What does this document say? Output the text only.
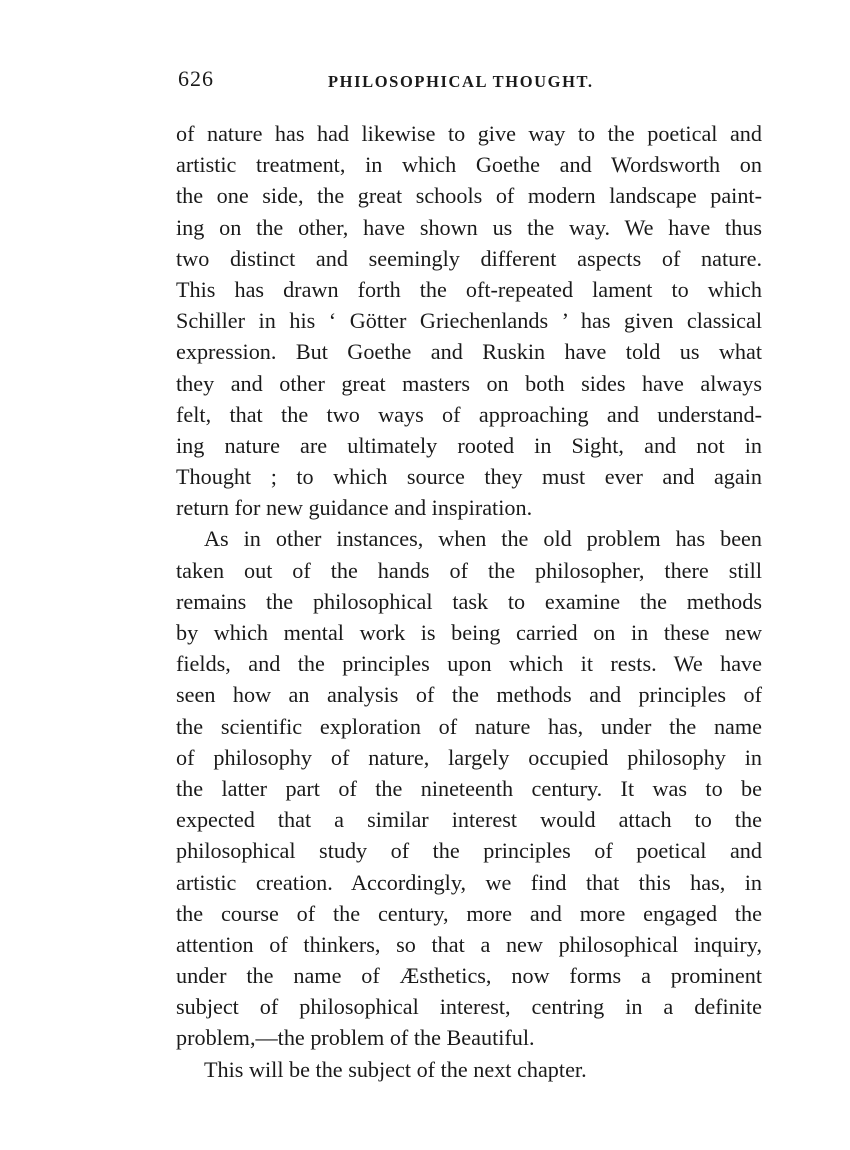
626	PHILOSOPHICAL THOUGHT.
of nature has had likewise to give way to the poetical and
artistic treatment, in which Goethe and Wordsworth on
the one side, the great schools of modern landscape paint-
ing on the other, have shown us the way. We have thus
two distinct and seemingly different aspects of nature.
This has drawn forth the oft-repeated lament to which
Schiller in his ‘ Götter Griechenlands ’ has given classical
expression. But Goethe and Ruskin have told us what
they and other great masters on both sides have always
felt, that the two ways of approaching and understand-
ing nature are ultimately rooted in Sight, and not in
Thought ; to which source they must ever and again
return for new guidance and inspiration.
As in other instances, when the old problem has been
taken out of the hands of the philosopher, there still
remains the philosophical task to examine the methods
by which mental work is being carried on in these new
fields, and the principles upon which it rests. We have
seen how an analysis of the methods and principles of
the scientific exploration of nature has, under the name
of philosophy of nature, largely occupied philosophy in
the latter part of the nineteenth century. It was to be
expected that a similar interest would attach to the
philosophical study of the principles of poetical and
artistic creation. Accordingly, we find that this has, in
the course of the century, more and more engaged the
attention of thinkers, so that a new philosophical inquiry,
under the name of Æsthetics, now forms a prominent
subject of philosophical interest, centring in a definite
problem,—the problem of the Beautiful.
This will be the subject of the next chapter.
